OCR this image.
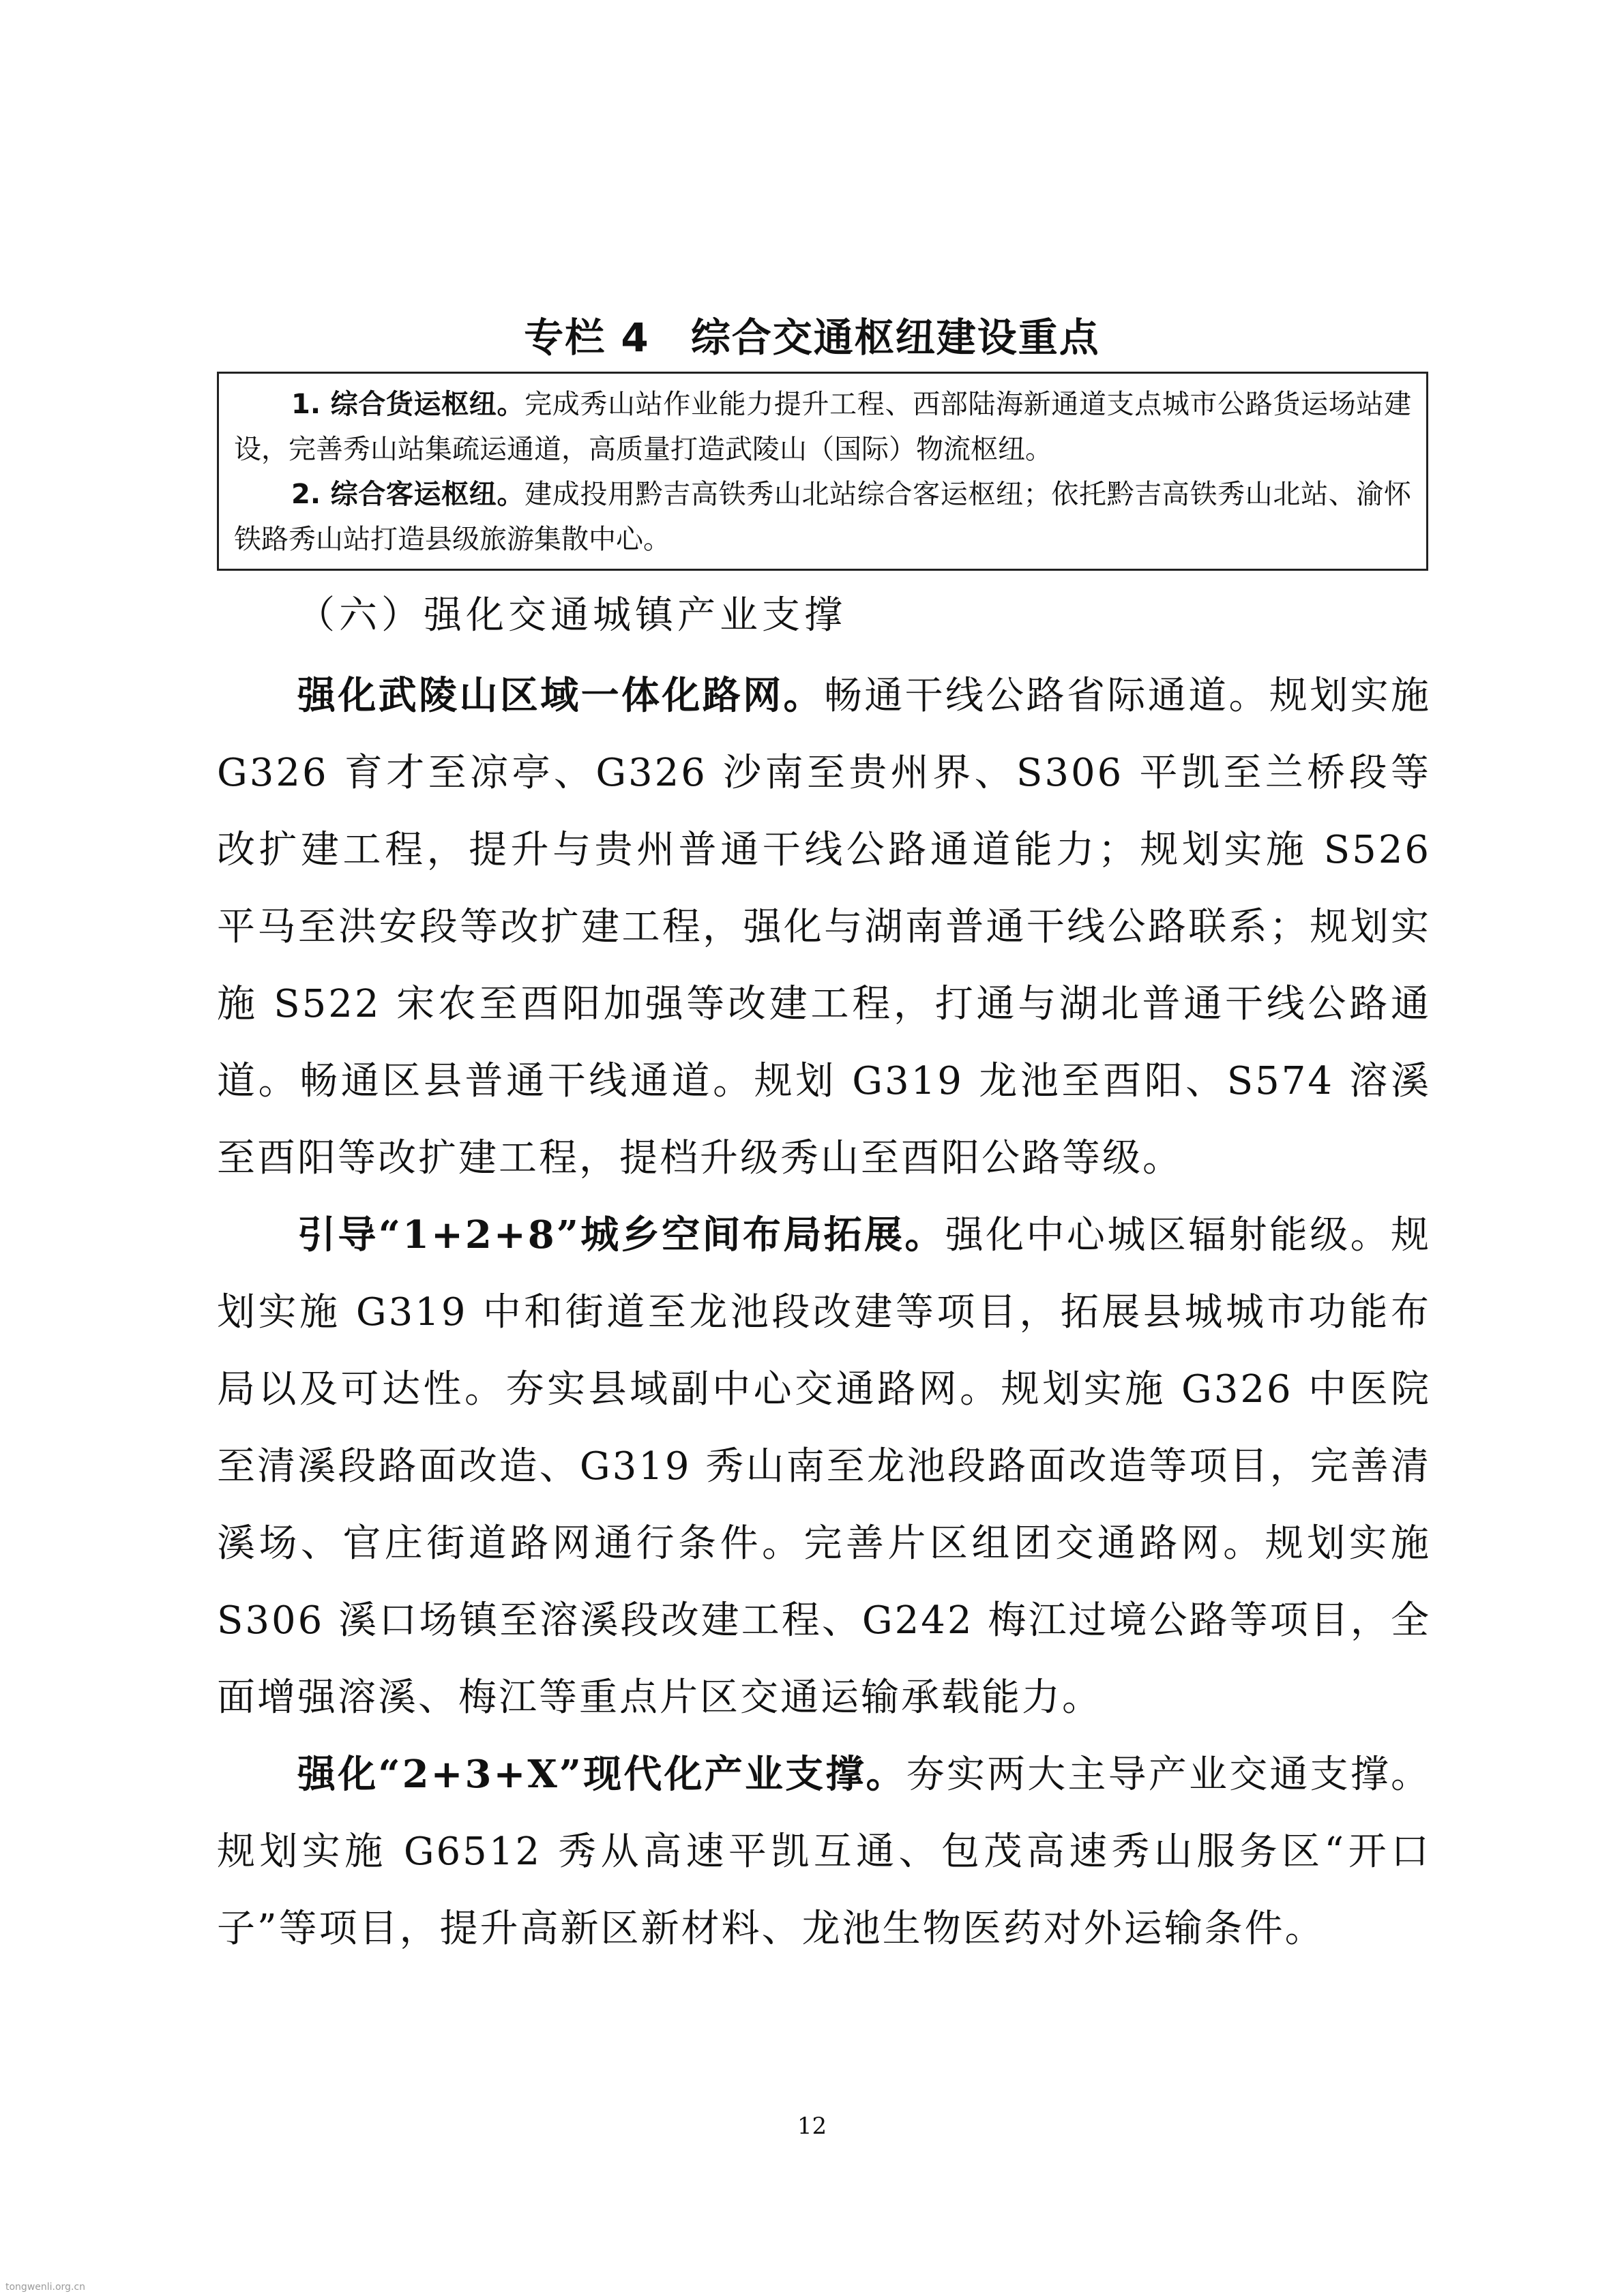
专栏 4　综合交通枢纽建设重点

1. 综合货运枢纽。完成秀山站作业能力提升工程、西部陆海新通道支点城市公路货运场站建设，完善秀山站集疏运通道，高质量打造武陵山（国际）物流枢纽。

2. 综合客运枢纽。建成投用黔吉高铁秀山北站综合客运枢纽；依托黔吉高铁秀山北站、渝怀铁路秀山站打造县级旅游集散中心。

（六）强化交通城镇产业支撑

强化武陵山区域一体化路网。畅通干线公路省际通道。规划实施 G326 育才至凉亭、G326 沙南至贵州界、S306 平凯至兰桥段等改扩建工程，提升与贵州普通干线公路通道能力；规划实施 S526 平马至洪安段等改扩建工程，强化与湖南普通干线公路联系；规划实施 S522 宋农至酉阳加强等改建工程，打通与湖北普通干线公路通道。畅通区县普通干线通道。规划 G319 龙池至酉阳、S574 溶溪至酉阳等改扩建工程，提档升级秀山至酉阳公路等级。

引导“1+2+8”城乡空间布局拓展。强化中心城区辐射能级。规划实施 G319 中和街道至龙池段改建等项目，拓展县城城市功能布局以及可达性。夯实县域副中心交通路网。规划实施 G326 中医院至清溪段路面改造、G319 秀山南至龙池段路面改造等项目，完善清溪场、官庄街道路网通行条件。完善片区组团交通路网。规划实施 S306 溪口场镇至溶溪段改建工程、G242 梅江过境公路等项目，全面增强溶溪、梅江等重点片区交通运输承载能力。

强化“2+3+X”现代化产业支撑。夯实两大主导产业交通支撑。规划实施 G6512 秀从高速平凯互通、包茂高速秀山服务区“开口子”等项目，提升高新区新材料、龙池生物医药对外运输条件。

12
tongwenli.org.cn
